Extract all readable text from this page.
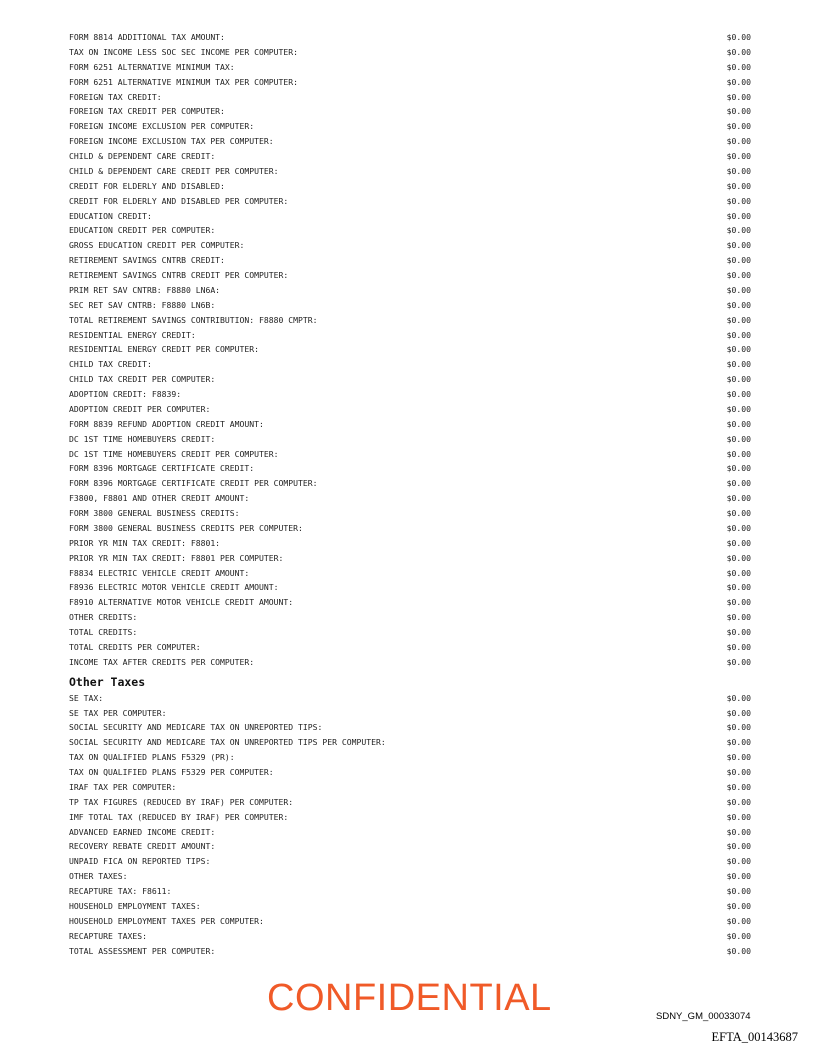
FORM 8814 ADDITIONAL TAX AMOUNT:	$0.00
TAX ON INCOME LESS SOC SEC INCOME PER COMPUTER:	$0.00
FORM 6251 ALTERNATIVE MINIMUM TAX:	$0.00
FORM 6251 ALTERNATIVE MINIMUM TAX PER COMPUTER:	$0.00
FOREIGN TAX CREDIT:	$0.00
FOREIGN TAX CREDIT PER COMPUTER:	$0.00
FOREIGN INCOME EXCLUSION PER COMPUTER:	$0.00
FOREIGN INCOME EXCLUSION TAX PER COMPUTER:	$0.00
CHILD & DEPENDENT CARE CREDIT:	$0.00
CHILD & DEPENDENT CARE CREDIT PER COMPUTER:	$0.00
CREDIT FOR ELDERLY AND DISABLED:	$0.00
CREDIT FOR ELDERLY AND DISABLED PER COMPUTER:	$0.00
EDUCATION CREDIT:	$0.00
EDUCATION CREDIT PER COMPUTER:	$0.00
GROSS EDUCATION CREDIT PER COMPUTER:	$0.00
RETIREMENT SAVINGS CNTRB CREDIT:	$0.00
RETIREMENT SAVINGS CNTRB CREDIT PER COMPUTER:	$0.00
PRIM RET SAV CNTRB: F8880 LN6A:	$0.00
SEC RET SAV CNTRB: F8880 LN6B:	$0.00
TOTAL RETIREMENT SAVINGS CONTRIBUTION: F8880 CMPTR:	$0.00
RESIDENTIAL ENERGY CREDIT:	$0.00
RESIDENTIAL ENERGY CREDIT PER COMPUTER:	$0.00
CHILD TAX CREDIT:	$0.00
CHILD TAX CREDIT PER COMPUTER:	$0.00
ADOPTION CREDIT: F8839:	$0.00
ADOPTION CREDIT PER COMPUTER:	$0.00
FORM 8839 REFUND ADOPTION CREDIT AMOUNT:	$0.00
DC 1ST TIME HOMEBUYERS CREDIT:	$0.00
DC 1ST TIME HOMEBUYERS CREDIT PER COMPUTER:	$0.00
FORM 8396 MORTGAGE CERTIFICATE CREDIT:	$0.00
FORM 8396 MORTGAGE CERTIFICATE CREDIT PER COMPUTER:	$0.00
F3800, F8801 AND OTHER CREDIT AMOUNT:	$0.00
FORM 3800 GENERAL BUSINESS CREDITS:	$0.00
FORM 3800 GENERAL BUSINESS CREDITS PER COMPUTER:	$0.00
PRIOR YR MIN TAX CREDIT: F8801:	$0.00
PRIOR YR MIN TAX CREDIT: F8801 PER COMPUTER:	$0.00
F8834 ELECTRIC VEHICLE CREDIT AMOUNT:	$0.00
F8936 ELECTRIC MOTOR VEHICLE CREDIT AMOUNT:	$0.00
F8910 ALTERNATIVE MOTOR VEHICLE CREDIT AMOUNT:	$0.00
OTHER CREDITS:	$0.00
TOTAL CREDITS:	$0.00
TOTAL CREDITS PER COMPUTER:	$0.00
INCOME TAX AFTER CREDITS PER COMPUTER:	$0.00
Other Taxes
SE TAX:	$0.00
SE TAX PER COMPUTER:	$0.00
SOCIAL SECURITY AND MEDICARE TAX ON UNREPORTED TIPS:	$0.00
SOCIAL SECURITY AND MEDICARE TAX ON UNREPORTED TIPS PER COMPUTER:	$0.00
TAX ON QUALIFIED PLANS F5329 (PR):	$0.00
TAX ON QUALIFIED PLANS F5329 PER COMPUTER:	$0.00
IRAF TAX PER COMPUTER:	$0.00
TP TAX FIGURES (REDUCED BY IRAF) PER COMPUTER:	$0.00
IMF TOTAL TAX (REDUCED BY IRAF) PER COMPUTER:	$0.00
ADVANCED EARNED INCOME CREDIT:	$0.00
RECOVERY REBATE CREDIT AMOUNT:	$0.00
UNPAID FICA ON REPORTED TIPS:	$0.00
OTHER TAXES:	$0.00
RECAPTURE TAX: F8611:	$0.00
HOUSEHOLD EMPLOYMENT TAXES:	$0.00
HOUSEHOLD EMPLOYMENT TAXES PER COMPUTER:	$0.00
RECAPTURE TAXES:	$0.00
TOTAL ASSESSMENT PER COMPUTER:	$0.00
CONFIDENTIAL	SDNY_GM_00033074
EFTA_00143687
